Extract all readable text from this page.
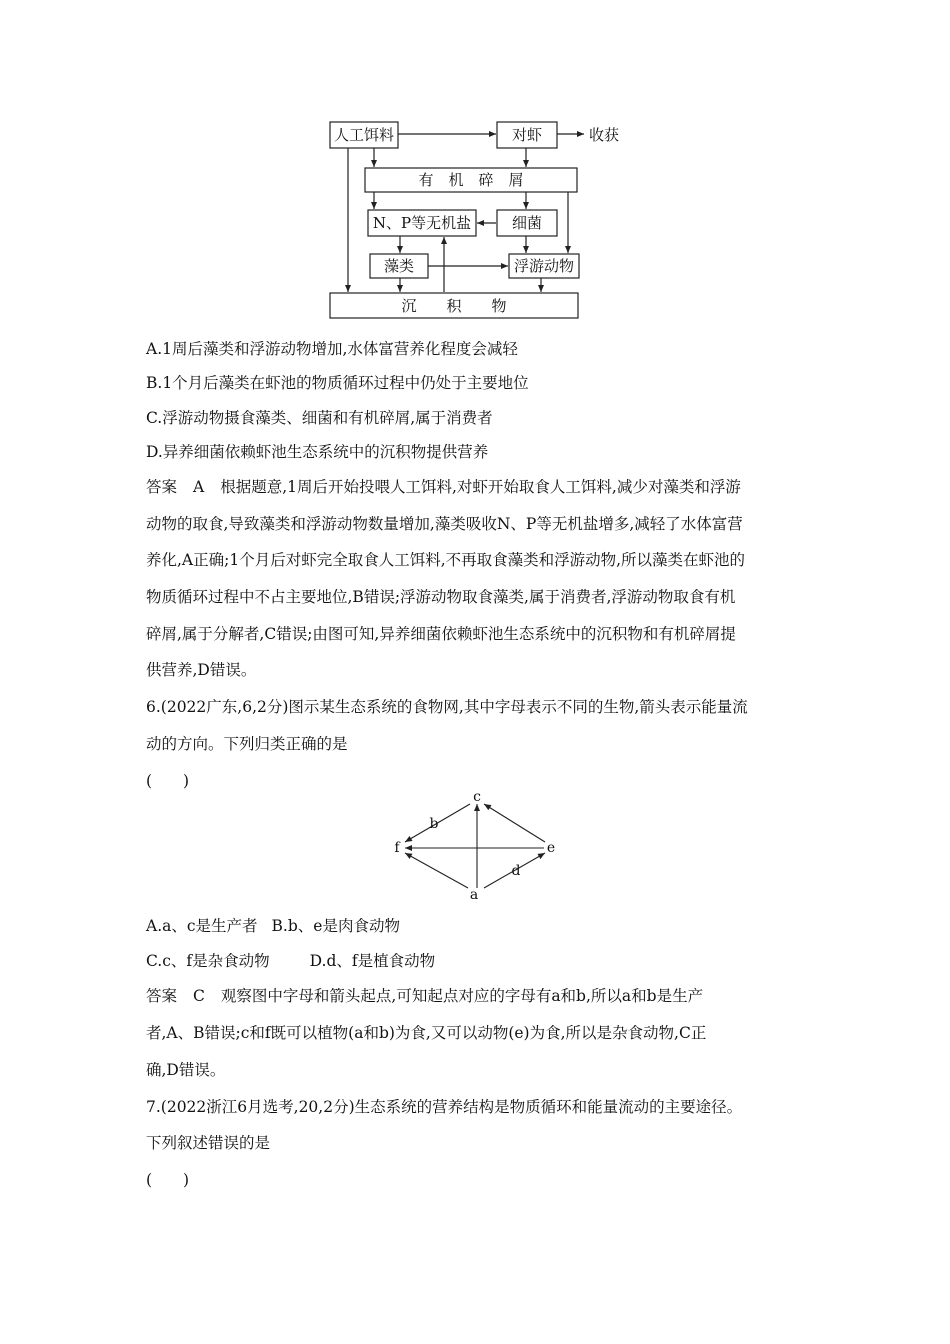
人工饵料	对虾	收获
有　机　碎　屑
N、P等无机盐	细菌
藻类	浮游动物
沉　　积　　物
A.1周后藻类和浮游动物增加,水体富营养化程度会减轻
B.1个月后藻类在虾池的物质循环过程中仍处于主要地位
C.浮游动物摄食藻类、细菌和有机碎屑,属于消费者
D.异养细菌依赖虾池生态系统中的沉积物提供营养
答案 A 根据题意,1周后开始投喂人工饵料,对虾开始取食人工饵料,减少对藻类和浮游
动物的取食,导致藻类和浮游动物数量增加,藻类吸收N、P等无机盐增多,减轻了水体富营
养化,A正确;1个月后对虾完全取食人工饵料,不再取食藻类和浮游动物,所以藻类在虾池的
物质循环过程中不占主要地位,B错误;浮游动物取食藻类,属于消费者,浮游动物取食有机
碎屑,属于分解者,C错误;由图可知,异养细菌依赖虾池生态系统中的沉积物和有机碎屑提
供营养,D错误。
6.(2022广东,6,2分)图示某生态系统的食物网,其中字母表示不同的生物,箭头表示能量流
动的方向。下列归类正确的是
(　　)
c
b
f	e
d
a
A.a、c是生产者 B.b、e是肉食动物
C.c、f是杂食动物	D.d、f是植食动物
答案 C 观察图中字母和箭头起点,可知起点对应的字母有a和b,所以a和b是生产
者,A、B错误;c和f既可以植物(a和b)为食,又可以动物(e)为食,所以是杂食动物,C正
确,D错误。
7.(2022浙江6月选考,20,2分)生态系统的营养结构是物质循环和能量流动的主要途径。
下列叙述错误的是
(　　)
